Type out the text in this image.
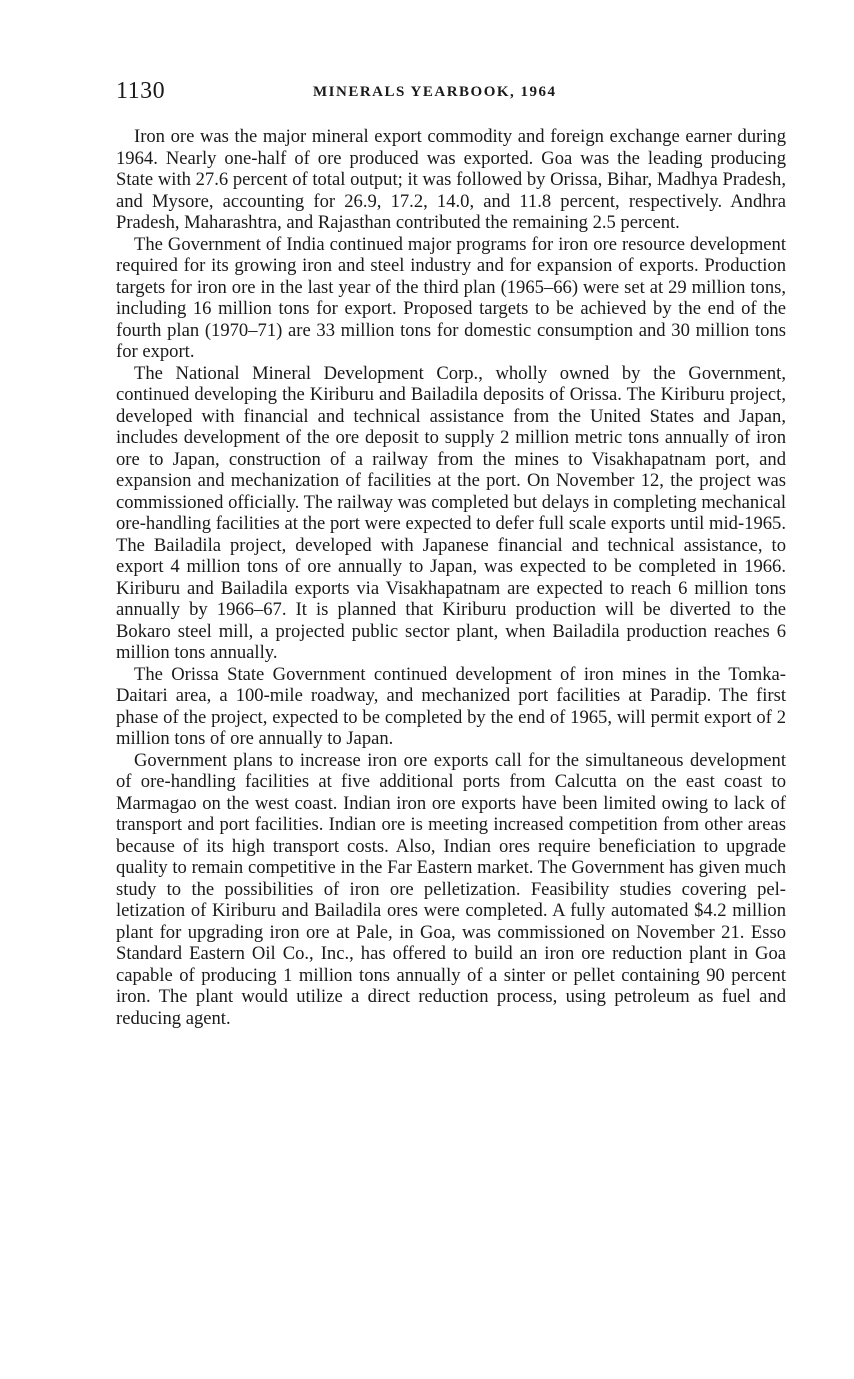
1130	MINERALS YEARBOOK, 1964

Iron ore was the major mineral export commodity and foreign exchange earner during 1964. Nearly one-half of ore produced was exported. Goa was the leading producing State with 27.6 percent of total output; it was followed by Orissa, Bihar, Madhya Pradesh, and Mysore, accounting for 26.9, 17.2, 14.0, and 11.8 percent, respectively. Andhra Pradesh, Maharashtra, and Rajasthan contributed the remaining 2.5 percent.

The Government of India continued major programs for iron ore resource development required for its growing iron and steel industry and for expansion of exports. Production targets for iron ore in the last year of the third plan (1965–66) were set at 29 million tons, including 16 million tons for export. Proposed targets to be achieved by the end of the fourth plan (1970–71) are 33 million tons for domestic consumption and 30 million tons for export.

The National Mineral Development Corp., wholly owned by the Government, continued developing the Kiriburu and Bailadila deposits of Orissa. The Kiriburu project, developed with financial and technical assistance from the United States and Japan, includes development of the ore deposit to supply 2 million metric tons annually of iron ore to Japan, construction of a railway from the mines to Visakhapatnam port, and expansion and mechanization of facilities at the port. On November 12, the project was commissioned officially. The railway was completed but delays in completing mechanical ore-handling facilities at the port were expected to defer full scale exports until mid-1965. The Bailadila project, developed with Japanese financial and technical assistance, to export 4 million tons of ore annually to Japan, was expected to be completed in 1966. Kiriburu and Bailadila exports via Visakhapatnam are expected to reach 6 million tons annually by 1966–67. It is planned that Kiriburu production will be diverted to the Bokaro steel mill, a projected public sector plant, when Bailadila production reaches 6 million tons annually.

The Orissa State Government continued development of iron mines in the Tomka-Daitari area, a 100-mile roadway, and mechanized port facilities at Paradip. The first phase of the project, expected to be completed by the end of 1965, will permit export of 2 million tons of ore annually to Japan.

Government plans to increase iron ore exports call for the simultaneous development of ore-handling facilities at five additional ports from Calcutta on the east coast to Marmagao on the west coast. Indian iron ore exports have been limited owing to lack of transport and port facilities. Indian ore is meeting increased competition from other areas because of its high transport costs. Also, Indian ores require beneficiation to upgrade quality to remain competitive in the Far Eastern market. The Government has given much study to the possibilities of iron ore pelletization. Feasibility studies covering pelletization of Kiriburu and Bailadila ores were completed. A fully automated $4.2 million plant for upgrading iron ore at Pale, in Goa, was commissioned on November 21. Esso Standard Eastern Oil Co., Inc., has offered to build an iron ore reduction plant in Goa capable of producing 1 million tons annually of a sinter or pellet containing 90 percent iron. The plant would utilize a direct reduction process, using petroleum as fuel and reducing agent.
